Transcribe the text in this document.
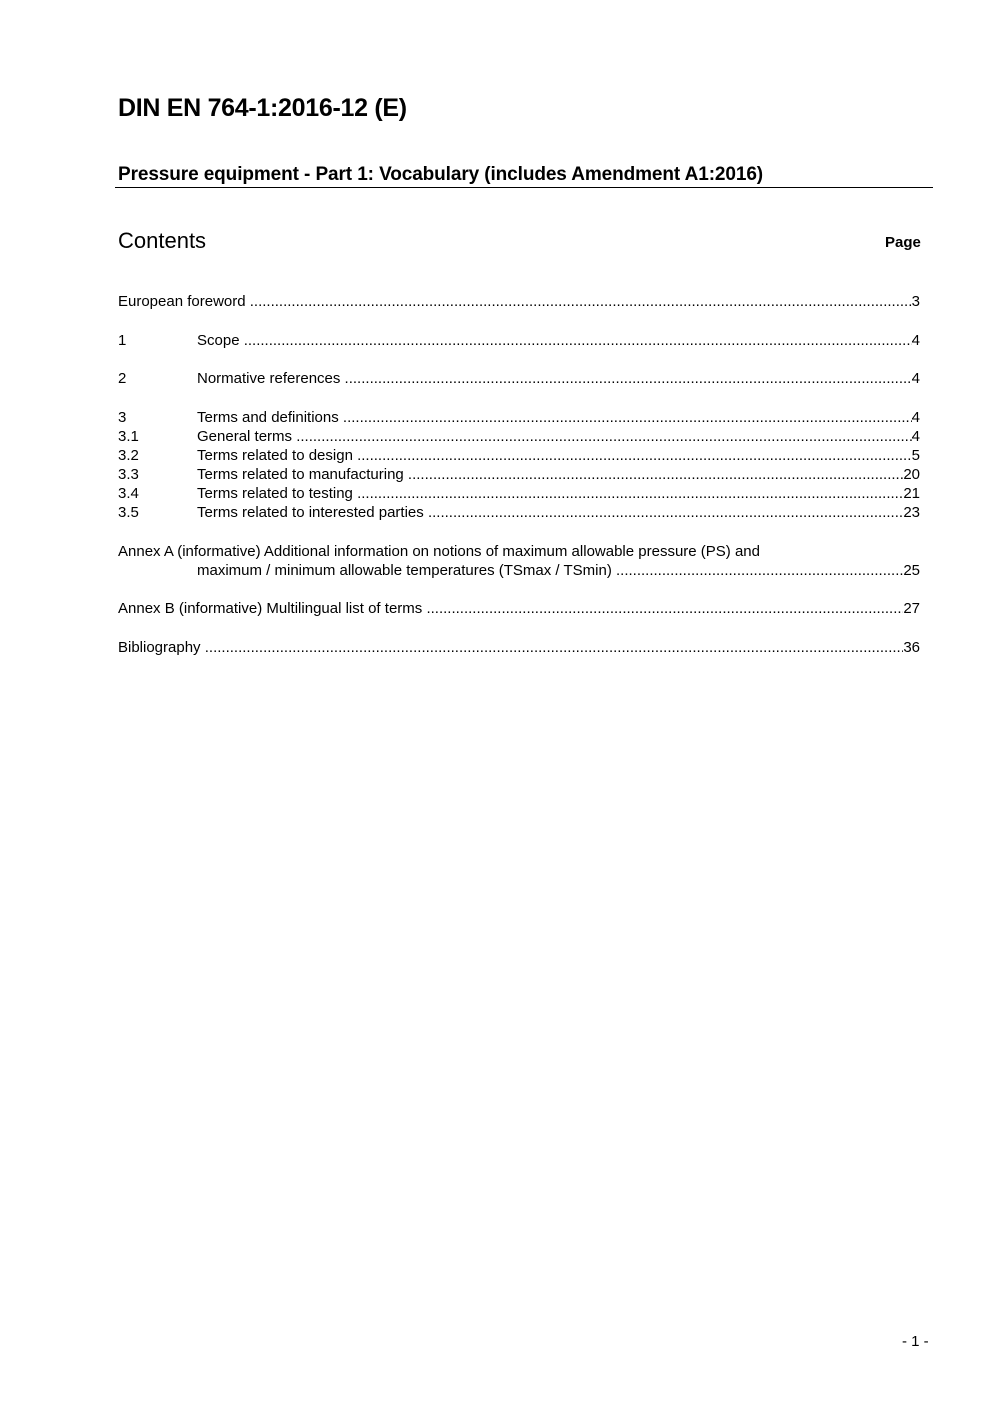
DIN EN 764-1:2016-12 (E)
Pressure equipment - Part 1: Vocabulary (includes Amendment A1:2016)
Contents	Page
European foreword .....	3
1	Scope .....	4
2	Normative references .....	4
3	Terms and definitions .....	4
3.1	General terms .....	4
3.2	Terms related to design .....	5
3.3	Terms related to manufacturing .....	20
3.4	Terms related to testing .....	21
3.5	Terms related to interested parties .....	23
Annex A (informative) Additional information on notions of maximum allowable pressure (PS) and
maximum / minimum allowable temperatures (TSmax / TSmin) .....	25
Annex B (informative) Multilingual list of terms .....	27
Bibliography .....	36
- 1 -
